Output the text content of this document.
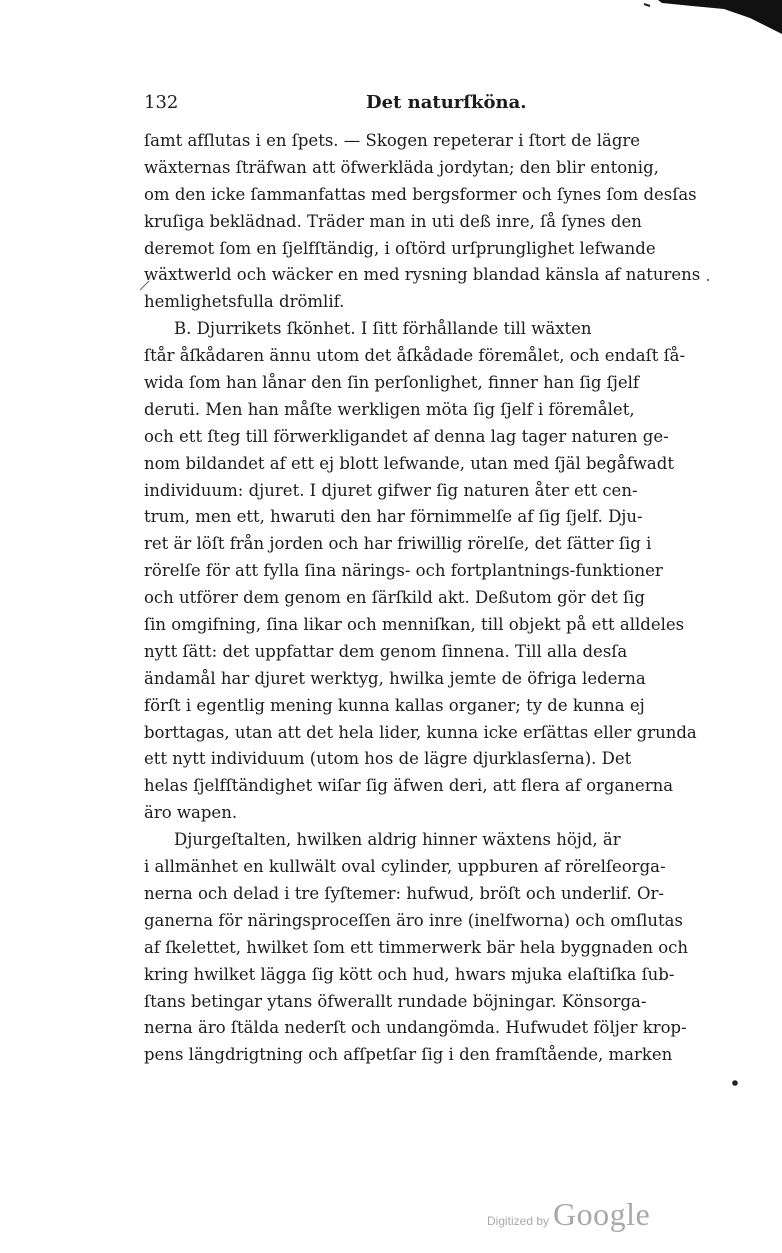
132	Det naturſköna.
ſamt afſlutas i en ſpets. — Skogen repeterar i ſtort de lägre
wäxternas ſträfwan att öfwerkläda jordytan; den blir entonig,
om den icke ſammanfattas med bergsformer och ſynes ſom desſas
kruſiga beklädnad. Träder man in uti deß inre, ſå ſynes den
deremot ſom en ſjelfſtändig, i oſtörd urſprunglighet lefwande
wäxtwerld och wäcker en med rysning blandad känsla af naturens
hemlighetsfulla drömlif.
B. Djurrikets ſkönhet. I ſitt förhållande till wäxten
ſtår åſkådaren ännu utom det åſkådade föremålet, och endaſt ſå-
wida ſom han lånar den ſin perſonlighet, finner han ſig ſjelf
deruti. Men han måſte werkligen möta ſig ſjelf i föremålet,
och ett ſteg till förwerkligandet af denna lag tager naturen ge-
nom bildandet af ett ej blott lefwande, utan med ſjäl begåfwadt
individuum: djuret. I djuret gifwer ſig naturen åter ett cen-
trum, men ett, hwaruti den har förnimmelſe af ſig ſjelf. Dju-
ret är löſt från jorden och har friwillig rörelſe, det ſätter ſig i
rörelſe för att fylla ſina närings- och fortplantnings-funktioner
och utförer dem genom en ſärſkild akt. Deßutom gör det ſig
ſin omgifning, ſina likar och menniſkan, till objekt på ett alldeles
nytt ſätt: det uppfattar dem genom ſinnena. Till alla desſa
ändamål har djuret werktyg, hwilka jemte de öfriga lederna
förſt i egentlig mening kunna kallas organer; ty de kunna ej
borttagas, utan att det hela lider, kunna icke erſättas eller grunda
ett nytt individuum (utom hos de lägre djurklasſerna). Det
helas ſjelfſtändighet wiſar ſig äfwen deri, att flera af organerna
äro wapen.
Djurgeſtalten, hwilken aldrig hinner wäxtens höjd, är
i allmänhet en kullwält oval cylinder, uppburen af rörelſeorga-
nerna och delad i tre ſyſtemer: hufwud, bröſt och underlif. Or-
ganerna för näringsproceſſen äro inre (inelfworna) och omſlutas
af ſkelettet, hwilket ſom ett timmerwerk bär hela byggnaden och
kring hwilket lägga ſig kött och hud, hwars mjuka elaſtiſka ſub-
ſtans betingar ytans öfwerallt rundade böjningar. Könsorga-
nerna äro ſtälda nederſt och undangömda. Hufwudet följer krop-
pens längdrigtning och afſpetſar ſig i den framſtående, marken
Digitized by Google
